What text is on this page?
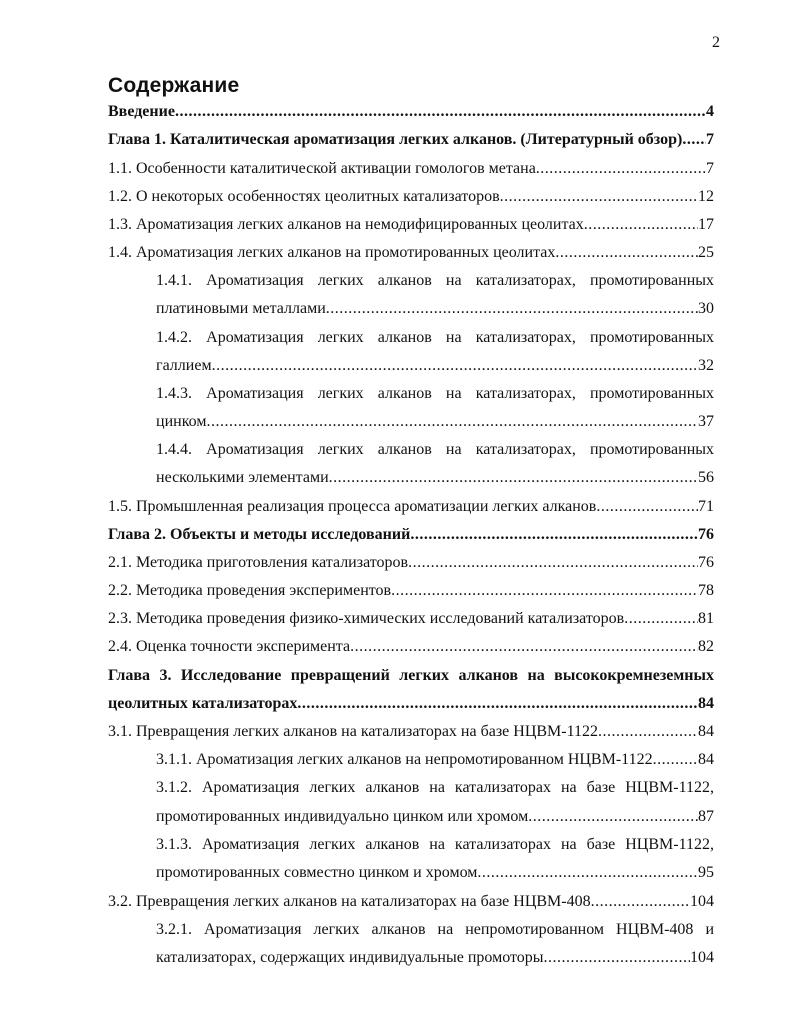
2
Содержание
Введение .....	4
Глава 1. Каталитическая ароматизация легких алканов. (Литературный обзор) ..... 7
1.1. Особенности каталитической активации гомологов метана .....	7
1.2. О некоторых особенностях цеолитных катализаторов .....	12
1.3. Ароматизация легких алканов на немодифицированных цеолитах .....	17
1.4. Ароматизация легких алканов на промотированных цеолитах .....	25
1.4.1. Ароматизация легких алканов на катализаторах, промотированных
платиновыми металлами .....	30
1.4.2. Ароматизация легких алканов на катализаторах, промотированных
галлием .....	32
1.4.3. Ароматизация легких алканов на катализаторах, промотированных
цинком .....	37
1.4.4. Ароматизация легких алканов на катализаторах, промотированных
несколькими элементами .....	56
1.5. Промышленная реализация процесса ароматизации легких алканов .....	71
Глава 2. Объекты и методы исследований .....	76
2.1. Методика приготовления катализаторов .....	76
2.2. Методика проведения экспериментов .....	78
2.3. Методика проведения физико-химических исследований катализаторов .....	81
2.4. Оценка точности эксперимента .....	82
Глава 3. Исследование превращений легких алканов на высококремнеземных
цеолитных катализаторах .....	84
3.1. Превращения легких алканов на катализаторах на базе НЦВМ-1122 .....	84
3.1.1. Ароматизация легких алканов на непромотированном НЦВМ-1122 .....	84
3.1.2. Ароматизация легких алканов на катализаторах на базе НЦВМ-1122,
промотированных индивидуально цинком или хромом .....	87
3.1.3. Ароматизация легких алканов на катализаторах на базе НЦВМ-1122,
промотированных совместно цинком и хромом .....	95
3.2. Превращения легких алканов на катализаторах на базе НЦВМ-408 .....	104
3.2.1. Ароматизация легких алканов на непромотированном НЦВМ-408 и
катализаторах, содержащих индивидуальные промоторы .....	104
